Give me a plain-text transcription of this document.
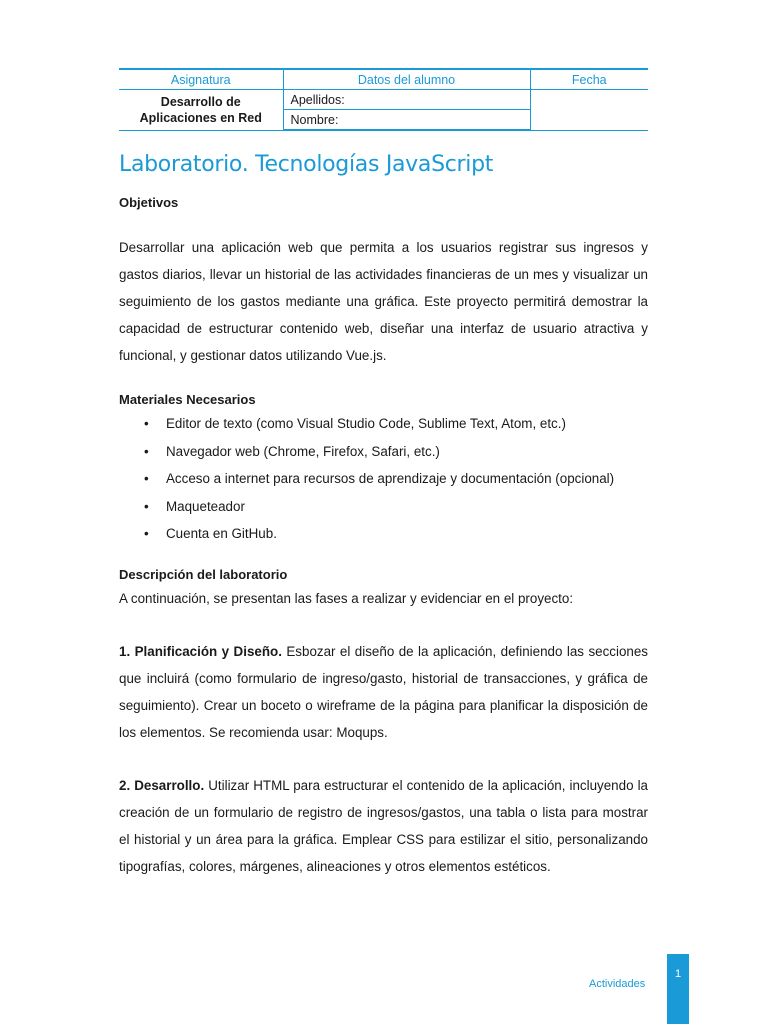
Asignatura	Datos del alumno	Fecha
Desarrollo de
Aplicaciones en Red	Apellidos:	
	Nombre:	
Laboratorio. Tecnologías JavaScript
Objetivos

Desarrollar una aplicación web que permita a los usuarios registrar sus ingresos y gastos diarios, llevar un historial de las actividades financieras de un mes y visualizar un seguimiento de los gastos mediante una gráfica. Este proyecto permitirá demostrar la capacidad de estructurar contenido web, diseñar una interfaz de usuario atractiva y funcional, y gestionar datos utilizando Vue.js.

Materiales Necesarios
• Editor de texto (como Visual Studio Code, Sublime Text, Atom, etc.)
• Navegador web (Chrome, Firefox, Safari, etc.)
• Acceso a internet para recursos de aprendizaje y documentación (opcional)
• Maqueteador
• Cuenta en GitHub.
Descripción del laboratorio

A continuación, se presentan las fases a realizar y evidenciar en el proyecto:

1. Planificación y Diseño. Esbozar el diseño de la aplicación, definiendo las secciones que incluirá (como formulario de ingreso/gasto, historial de transacciones, y gráfica de seguimiento). Crear un boceto o wireframe de la página para planificar la disposición de los elementos. Se recomienda usar: Moqups.

2. Desarrollo. Utilizar HTML para estructurar el contenido de la aplicación, incluyendo la creación de un formulario de registro de ingresos/gastos, una tabla o lista para mostrar el historial y un área para la gráfica. Emplear CSS para estilizar el sitio, personalizando tipografías, colores, márgenes, alineaciones y otros elementos estéticos.

Actividades
1
